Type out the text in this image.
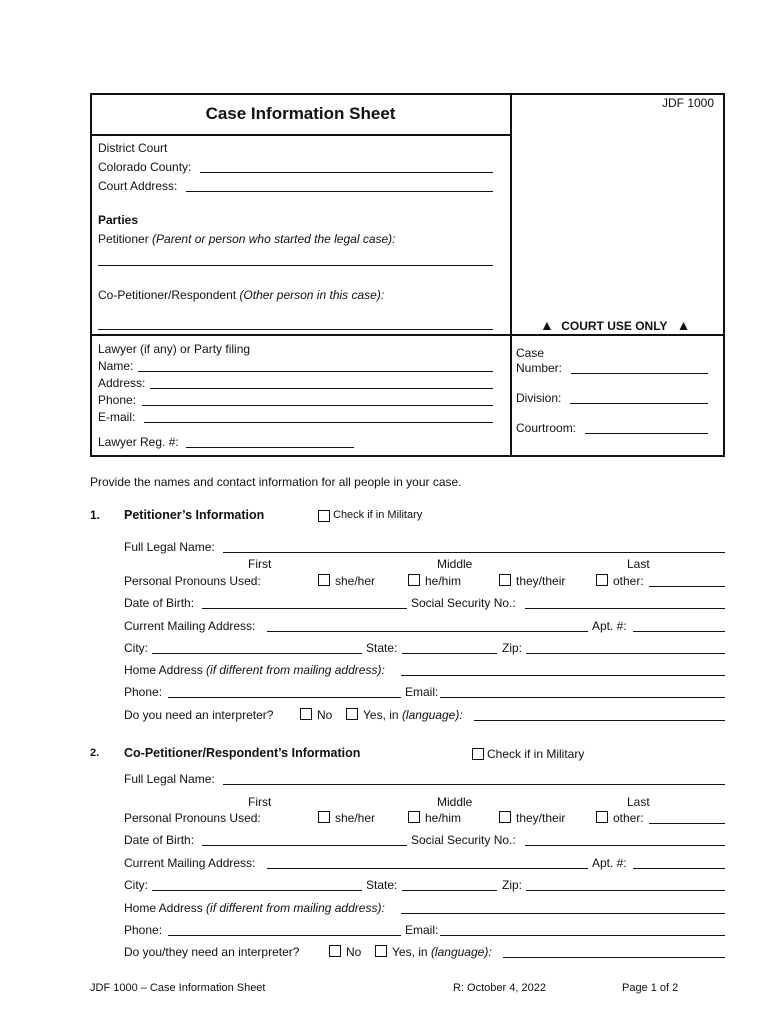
Case Information Sheet
JDF 1000
District Court
Colorado County:
Court Address:
Parties
Petitioner (Parent or person who started the legal case):
Co-Petitioner/Respondent (Other person in this case):
▲ COURT USE ONLY ▲
Lawyer (if any) or Party filing
Name:
Address:
Phone:
E-mail:
Lawyer Reg. #:
Case
Number:
Division:
Courtroom:
Provide the names and contact information for all people in your case.
1. Petitioner’s Information	Check if in Military
Full Legal Name:
First	Middle	Last
Personal Pronouns Used:	she/her	he/him	they/their	other:
Date of Birth:	Social Security No.:
Current Mailing Address:	Apt. #:
City:	State:	Zip:
Home Address (if different from mailing address):
Phone:	Email:
Do you need an interpreter?	No	Yes, in (language):
2. Co-Petitioner/Respondent’s Information	Check if in Military
Full Legal Name:
First	Middle	Last
Personal Pronouns Used:	she/her	he/him	they/their	other:
Date of Birth:	Social Security No.:
Current Mailing Address:	Apt. #:
City:	State:	Zip:
Home Address (if different from mailing address):
Phone:	Email:
Do you/they need an interpreter?	No	Yes, in (language):
JDF 1000 – Case Information Sheet	R: October 4, 2022	Page 1 of 2
